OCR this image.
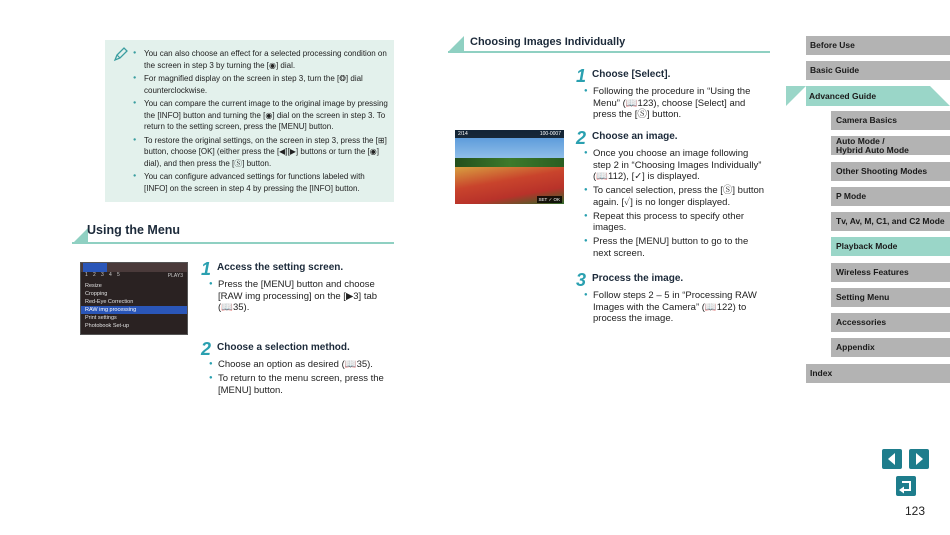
● You can also choose an effect for a selected processing condition on the screen in step 3 by turning the [◉] dial.
● For magnified display on the screen in step 3, turn the [❂] dial counterclockwise.
● You can compare the current image to the original image by pressing the [INFO] button and turning the [◉] dial on the screen in step 3. To return to the setting screen, press the [MENU] button.
● To restore the original settings, on the screen in step 3, press the [⊞] button, choose [OK] (either press the [◀][▶] buttons or turn the [◉] dial), and then press the [Ⓢ] button.
● You can configure advanced settings for functions labeled with [INFO] on the screen in step 4 by pressing the [INFO] button.
Using the Menu
PLAY3
1 2 3 4 5
Resize
Cropping
Red-Eye Correction
RAW img processing
Print settings
Photobook Set-up
1 Access the setting screen.
● Press the [MENU] button and choose [RAW img processing] on the [▶3] tab (📖35).
2 Choose a selection method.
● Choose an option as desired (📖35).
● To return to the menu screen, press the [MENU] button.
Choosing Images Individually
2/14	100-0007
SET ✓ OK
1 Choose [Select].
● Following the procedure in “Using the Menu” (📖123), choose [Select] and press the [Ⓢ] button.
2 Choose an image.
● Once you choose an image following step 2 in “Choosing Images Individually” (📖112), [✓] is displayed.
● To cancel selection, press the [Ⓢ] button again. [✓] is no longer displayed.
● Repeat this process to specify other images.
● Press the [MENU] button to go to the next screen.
3 Process the image.
● Follow steps 2 – 5 in “Processing RAW Images with the Camera” (📖122) to process the image.
Before Use
Basic Guide
Advanced Guide
Camera Basics
Auto Mode /
Hybrid Auto Mode
Other Shooting Modes
P Mode
Tv, Av, M, C1, and C2 Mode
Playback Mode
Wireless Features
Setting Menu
Accessories
Appendix
Index
123
